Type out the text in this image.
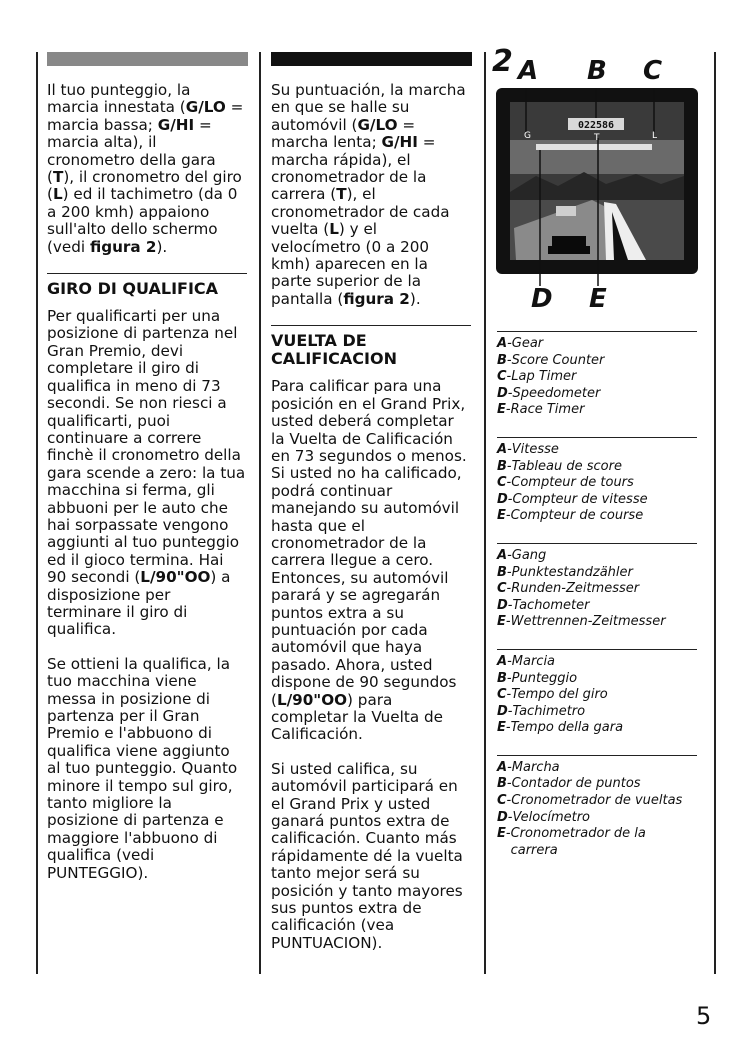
Il tuo punteggio, la marcia innestata (G/LO = marcia bassa; G/HI = marcia alta), il cronometro della gara (T), il cronometro del giro (L) ed il tachimetro (da 0 a 200 kmh) appaiono sull'alto dello schermo (vedi figura 2).

GIRO DI QUALIFICA

Per qualificarti per una posizione di partenza nel Gran Premio, devi completare il giro di qualifica in meno di 73 secondi. Se non riesci a qualificarti, puoi continuare a correre finchè il cronometro della gara scende a zero: la tua macchina si ferma, gli abbuoni per le auto che hai sorpassate vengono aggiunti al tuo punteggio ed il gioco termina. Hai 90 secondi (L/90"OO) a disposizione per terminare il giro di qualifica.

Se ottieni la qualifica, la tuo macchina viene messa in posizione di partenza per il Gran Premio e l'abbuono di qualifica viene aggiunto al tuo punteggio. Quanto minore il tempo sul giro, tanto migliore la posizione di partenza e maggiore l'abbuono di qualifica (vedi PUNTEGGIO).

Su puntuación, la marcha en que se halle su automóvil (G/LO = marcha lenta; G/HI = marcha rápida), el cronometrador de la carrera (T), el cronometrador de cada vuelta (L) y el velocímetro (0 a 200 kmh) aparecen en la parte superior de la pantalla (figura 2).

VUELTA DE CALIFICACION

Para calificar para una posición en el Grand Prix, usted deberá completar la Vuelta de Calificación en 73 segundos o menos. Si usted no ha calificado, podrá continuar manejando su automóvil hasta que el cronometrador de la carrera llegue a cero. Entonces, su automóvil parará y se agregarán puntos extra a su puntuación por cada automóvil que haya pasado. Ahora, usted dispone de 90 segundos (L/90"OO) para completar la Vuelta de Calificación.

Si usted califica, su automóvil participará en el Grand Prix y usted ganará puntos extra de calificación. Cuanto más rápidamente dé la vuelta tanto mejor será su posición y tanto mayores sus puntos extra de calificación (vea PUNTUACION).

2 A B C
D E
022586
G	T	L
A - Gear
B - Score Counter
C - Lap Timer
D - Speedometer
E - Race Timer
A - Vitesse
B - Tableau de score
C - Compteur de tours
D - Compteur de vitesse
E - Compteur de course
A - Gang
B - Punktestandzähler
C - Runden-Zeitmesser
D - Tachometer
E - Wettrennen-Zeitmesser
A - Marcia
B - Punteggio
C - Tempo del giro
D - Tachimetro
E - Tempo della gara
A - Marcha
B - Contador de puntos
C - Cronometrador de vueltas
D - Velocímetro
E - Cronometrador de la carrera
5
